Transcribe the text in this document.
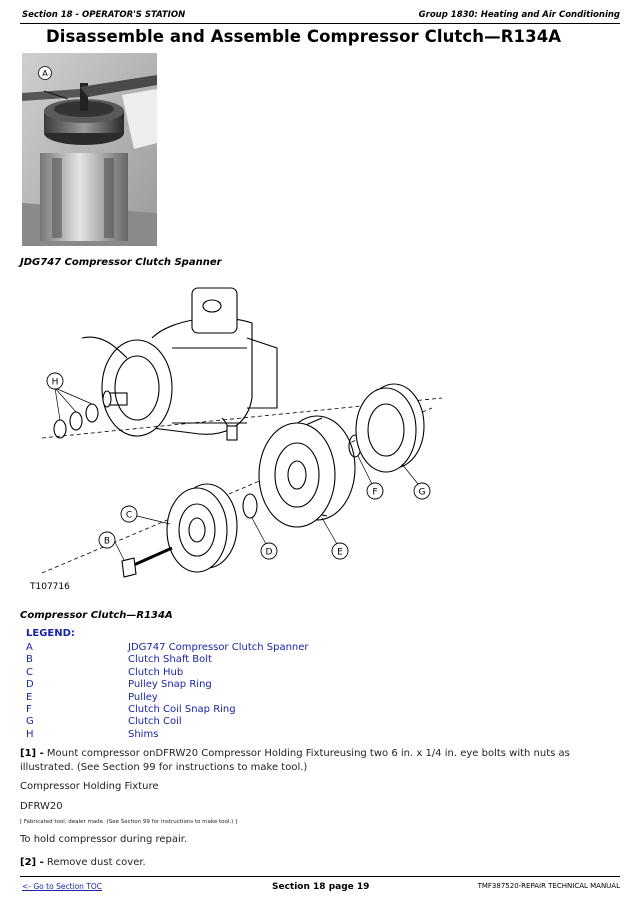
Section 18 - OPERATOR'S STATION	Group 1830: Heating and Air Conditioning
Disassemble and Assemble Compressor Clutch—R134A
A
JDG747 Compressor Clutch Spanner
H
B
C
D	E
F	G
T107716
Compressor Clutch—R134A
LEGEND:
A	JDG747 Compressor Clutch Spanner
B	Clutch Shaft Bolt
C	Clutch Hub
D	Pulley Snap Ring
E	Pulley
F	Clutch Coil Snap Ring
G	Clutch Coil
H	Shims
[1] - Mount compressor onDFRW20 Compressor Holding Fixtureusing two 6 in. x 1/4 in. eye bolts with nuts as illustrated. (See Section 99 for instructions to make tool.)
Compressor Holding Fixture
DFRW20
[ Fabricated tool, dealer made. (See Section 99 for instructions to make tool.) ]
To hold compressor during repair.
[2] - Remove dust cover.
<- Go to Section TOC	Section 18 page 19	TMF387520-REPAIR TECHNICAL MANUAL
